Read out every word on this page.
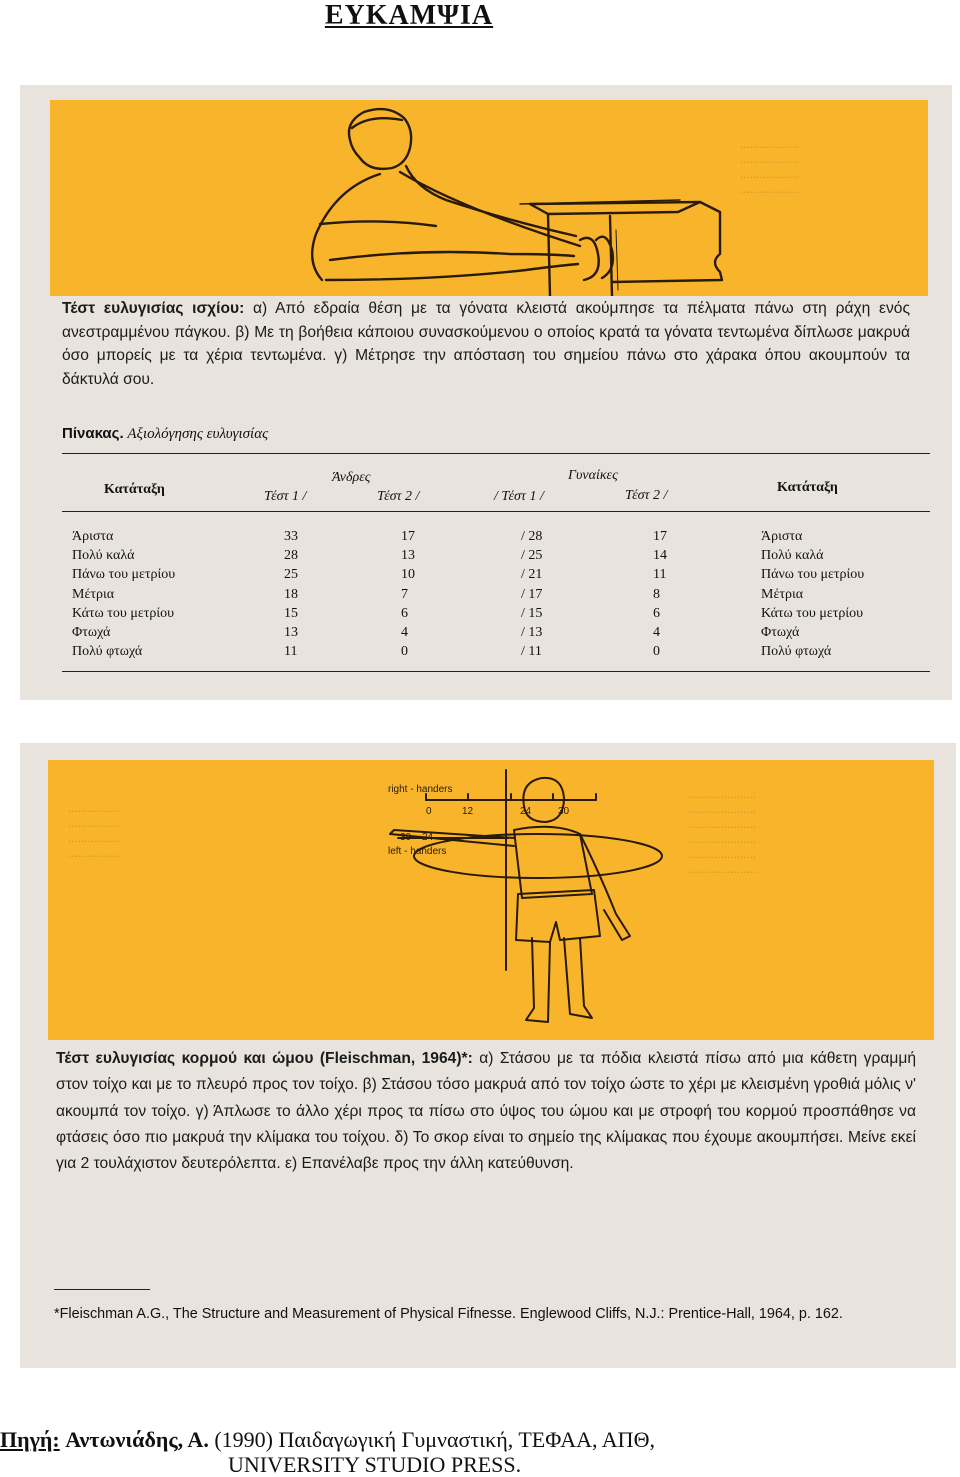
ΕΥΚΑΜΨΙΑ
..................
..................
..................
..................
Τέστ ευλυγισίας ισχίου: α) Από εδραία θέση με τα γόνατα κλειστά ακούμπησε τα πέλματα πάνω στη ράχη ενός ανεστραμμένου πάγκου. β) Με τη βοήθεια κάποιου συνασκούμενου ο οποίος κρατά τα γόνατα τεντωμένα δίπλωσε μακρυά όσο μπορείς με τα χέρια τεντωμένα. γ) Μέτρησε την απόσταση του σημείου πάνω στο χάρακα όπου ακουμπούν τα δάκτυλά σου.
Πίνακας. Αξιολόγησης ευλυγισίας
Άνδρες	Γυναίκες
Κατάταξη	Κατάταξη
Τέστ 1 /	Τέστ 2 /	/ Τέστ 1 /	Τέστ 2 /
Άριστα	33	17	/ 28	17	Άριστα
Πολύ καλά	28	13	/ 25	14	Πολύ καλά
Πάνω του μετρίου	25	10	/ 21	11	Πάνω του μετρίου
Μέτρια	18	7	/ 17	8	Μέτρια
Κάτω του μετρίου	15	6	/ 15	6	Κάτω του μετρίου
Φτωχά	13	4	/ 13	4	Φτωχά
Πολύ φτωχά	11	0	/ 11	0	Πολύ φτωχά
right - handers
left - handers
0	12	24	30
30 24
.....................
.....................
.....................
.....................
.....................
.....................
................
................
................
................
Τέστ ευλυγισίας κορμού και ώμου (Fleischman, 1964)*: α) Στάσου με τα πόδια κλειστά πίσω από μια κάθετη γραμμή στον τοίχο και με το πλευρό προς τον τοίχο. β) Στάσου τόσο μακρυά από τον τοίχο ώστε το χέρι με κλεισμένη γροθιά μόλις ν' ακουμπά τον τοίχο. γ) Άπλωσε το άλλο χέρι προς τα πίσω στο ύψος του ώμου και με στροφή του κορμού προσπάθησε να φτάσεις όσο πιο μακρυά την κλίμακα του τοίχου. δ) Το σκορ είναι το σημείο της κλίμακας που έχουμε ακουμπήσει. Μείνε εκεί για 2 τουλάχιστον δευτερόλεπτα. ε) Επανέλαβε προς την άλλη κατεύθυνση.
*Fleischman A.G., The Structure and Measurement of Physical Fifnesse. Englewood Cliffs, N.J.: Prentice-Hall, 1964, p. 162.
Πηγή: Αντωνιάδης, Α. (1990) Παιδαγωγική Γυμναστική, ΤΕΦΑΑ, ΑΠΘ,
UNIVERSITY STUDIO PRESS.
